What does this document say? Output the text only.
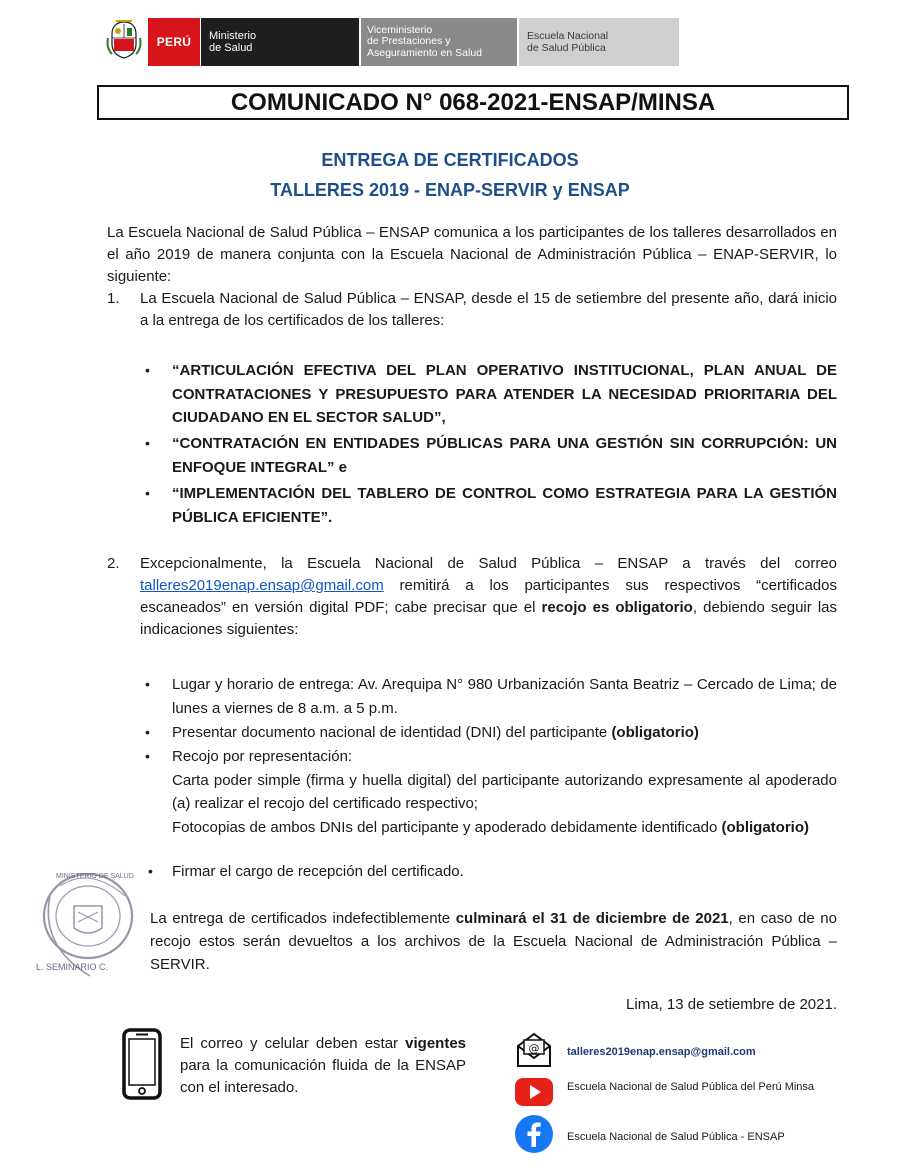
PERÚ Ministerio
de Salud
Viceministerio
de Prestaciones y
Aseguramiento en Salud
Escuela Nacional
de Salud Pública
COMUNICADO N° 068-2021-ENSAP/MINSA
ENTREGA DE CERTIFICADOS
TALLERES 2019 - ENAP-SERVIR y ENSAP

La Escuela Nacional de Salud Pública – ENSAP comunica a los participantes de los talleres desarrollados en el año 2019 de manera conjunta con la Escuela Nacional de Administración Pública – ENAP-SERVIR, lo siguiente:

1. La Escuela Nacional de Salud Pública – ENSAP, desde el 15 de setiembre del presente año, dará inicio a la entrega de los certificados de los talleres:

• “ARTICULACIÓN EFECTIVA DEL PLAN OPERATIVO INSTITUCIONAL, PLAN ANUAL DE CONTRATACIONES Y PRESUPUESTO PARA ATENDER LA NECESIDAD PRIORITARIA DEL CIUDADANO EN EL SECTOR SALUD”,

• “CONTRATACIÓN EN ENTIDADES PÚBLICAS PARA UNA GESTIÓN SIN CORRUPCIÓN: UN ENFOQUE INTEGRAL” e

• “IMPLEMENTACIÓN DEL TABLERO DE CONTROL COMO ESTRATEGIA PARA LA GESTIÓN PÚBLICA EFICIENTE”.

2. Excepcionalmente, la Escuela Nacional de Salud Pública – ENSAP a través del correo talleres2019enap.ensap@gmail.com remitirá a los participantes sus respectivos “certificados escaneados” en versión digital PDF; cabe precisar que el recojo es obligatorio, debiendo seguir las indicaciones siguientes:

• Lugar y horario de entrega: Av. Arequipa N° 980 Urbanización Santa Beatriz – Cercado de Lima; de lunes a viernes de 8 a.m. a 5 p.m.

• Presentar documento nacional de identidad (DNI) del participante (obligatorio)

• Recojo por representación:
Carta poder simple (firma y huella digital) del participante autorizando expresamente al apoderado (a) realizar el recojo del certificado respectivo;
Fotocopias de ambos DNIs del participante y apoderado debidamente identificado (obligatorio)
• Firmar el cargo de recepción del certificado.

L. SEMINARIO C.
MINISTERIO DE SALUD

La entrega de certificados indefectiblemente culminará el 31 de diciembre de 2021, en caso de no recojo estos serán devueltos a los archivos de la Escuela Nacional de Administración Pública – SERVIR.

Lima, 13 de setiembre de 2021.

El correo y celular deben estar vigentes para la comunicación fluida de la ENSAP con el interesado.

@	talleres2019enap.ensap@gmail.com
Escuela Nacional de Salud Pública del Perú Minsa
Escuela Nacional de Salud Pública - ENSAP
